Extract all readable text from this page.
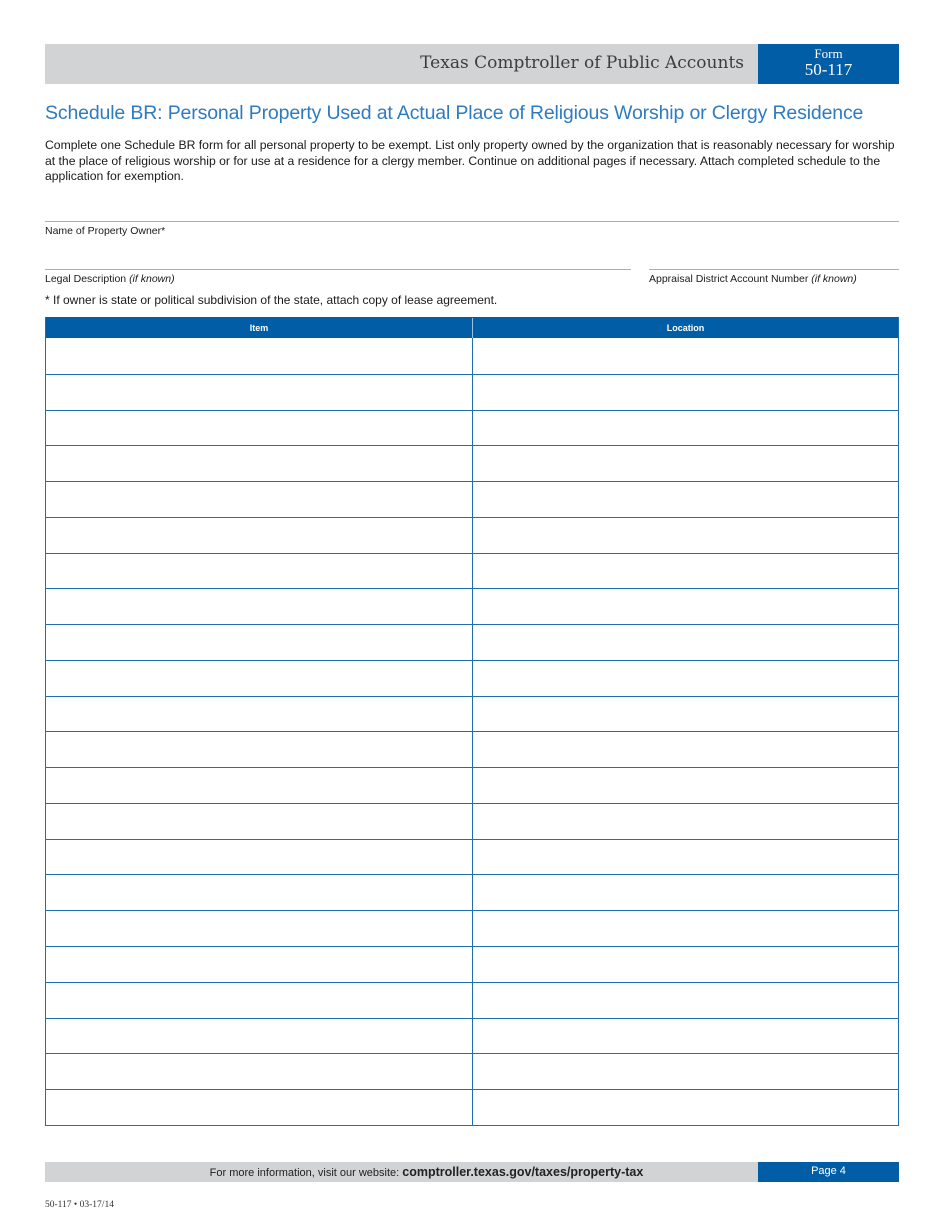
Texas Comptroller of Public Accounts	Form
50-117
Schedule BR: Personal Property Used at Actual Place of Religious Worship or Clergy Residence
Complete one Schedule BR form for all personal property to be exempt. List only property owned by the organization that is reasonably necessary for worship at the place of religious worship or for use at a residence for a clergy member. Continue on additional pages if necessary. Attach completed schedule to the application for exemption.
Name of Property Owner*
Legal Description (if known)	Appraisal District Account Number (if known)
* If owner is state or political subdivision of the state, attach copy of lease agreement.
Item	Location
For more information, visit our website: comptroller.texas.gov/taxes/property-tax	Page 4
50-117 • 03-17/14
